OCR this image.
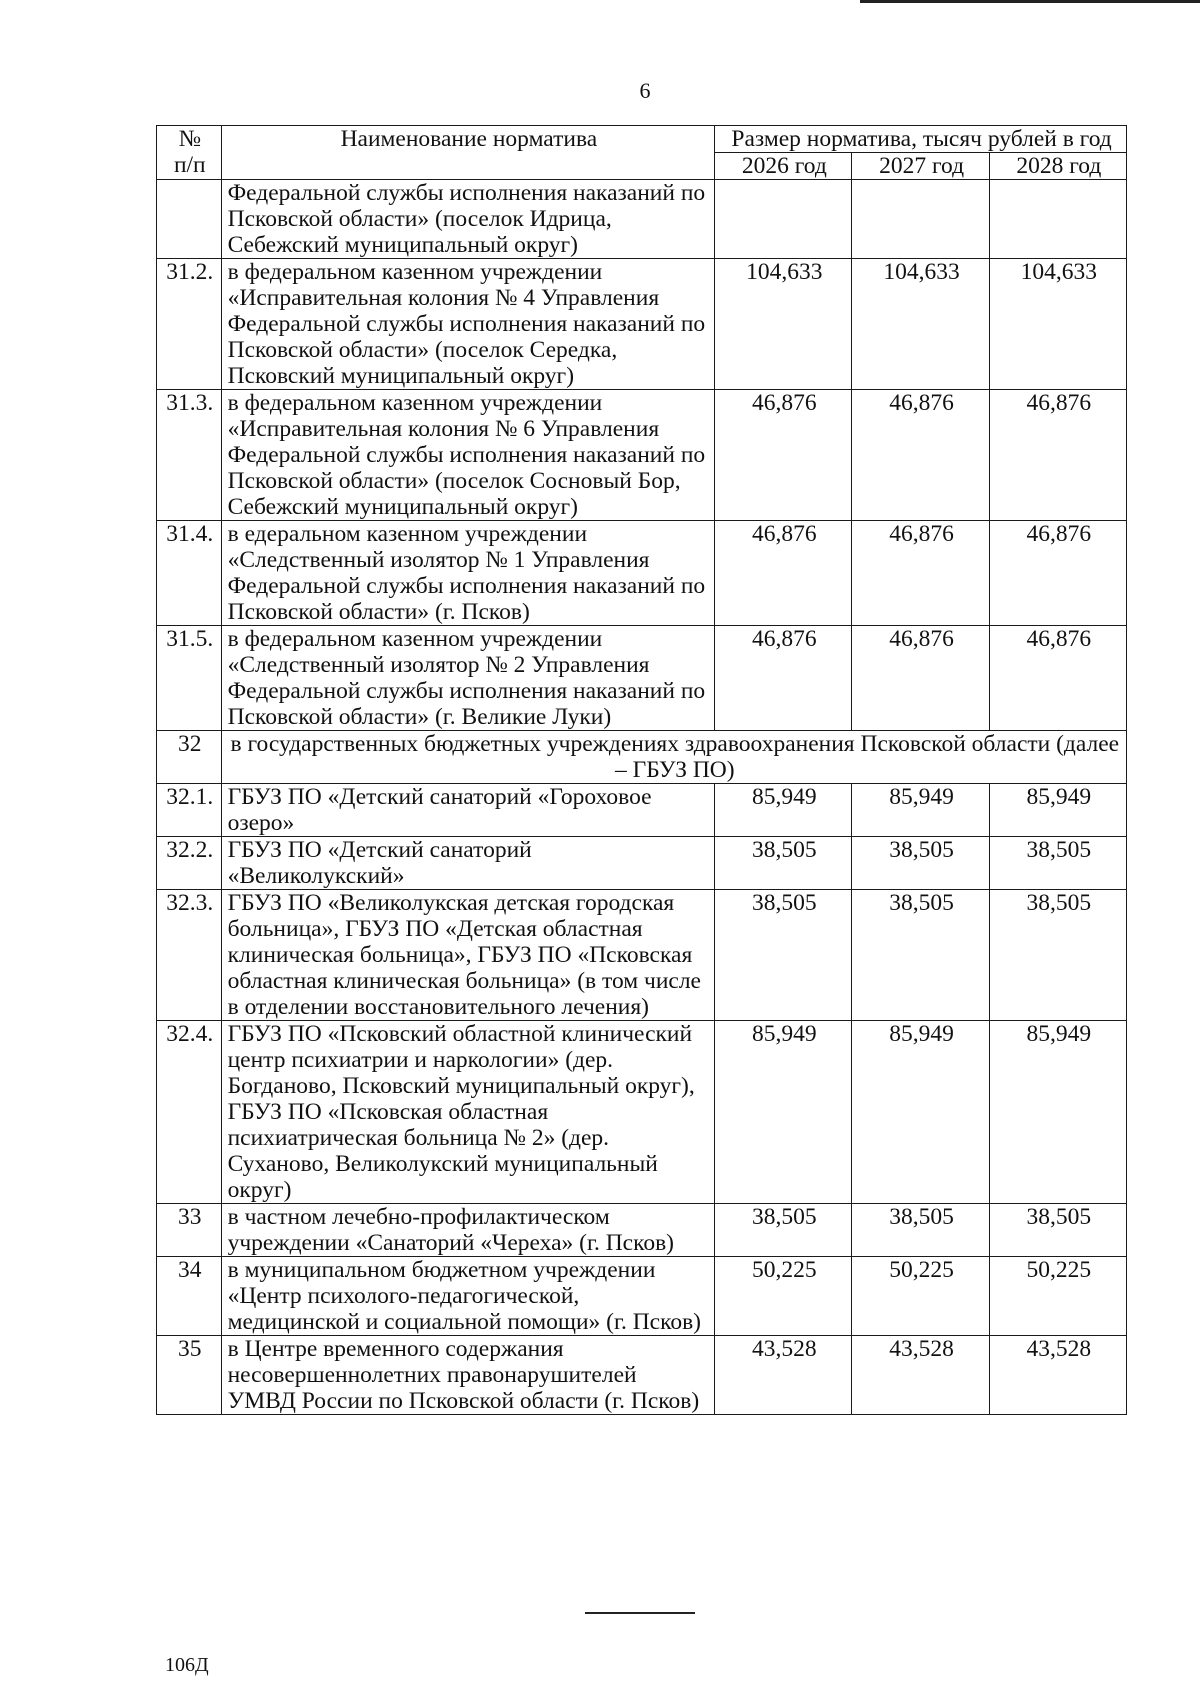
6
№
п/п	Наименование норматива	Размер норматива, тысяч рублей в год		
		2026 год	2027 год	2028 год
	Федеральной службы исполнения наказаний по Псковской области» (поселок Идрица, Себежский муниципальный округ)			
31.2.	в федеральном казенном учреждении «Исправительная колония № 4 Управления Федеральной службы исполнения наказаний по Псковской области» (поселок Середка, Псковский муниципальный округ)	104,633	104,633	104,633
31.3.	в федеральном казенном учреждении «Исправительная колония № 6 Управления Федеральной службы исполнения наказаний по Псковской области» (поселок Сосновый Бор, Себежский муниципальный округ)	46,876	46,876	46,876
31.4.	в едеральном казенном учреждении «Следственный изолятор № 1 Управления Федеральной службы исполнения наказаний по Псковской области» (г. Псков)	46,876	46,876	46,876
31.5.	в федеральном казенном учреждении «Следственный изолятор № 2 Управления Федеральной службы исполнения наказаний по Псковской области» (г. Великие Луки)	46,876	46,876	46,876
32	в государственных бюджетных учреждениях здравоохранения Псковской области (далее – ГБУЗ ПО)			
32.1.	ГБУЗ ПО «Детский санаторий «Гороховое озеро»	85,949	85,949	85,949
32.2.	ГБУЗ ПО «Детский санаторий «Великолукский»	38,505	38,505	38,505
32.3.	ГБУЗ ПО «Великолукская детская городская больница», ГБУЗ ПО «Детская областная клиническая больница», ГБУЗ ПО «Псковская областная клиническая больница» (в том числе в отделении восстановительного лечения)	38,505	38,505	38,505
32.4.	ГБУЗ ПО «Псковский областной клинический центр психиатрии и наркологии» (дер. Богданово, Псковский муниципальный округ), ГБУЗ ПО «Псковская областная психиатрическая больница № 2» (дер. Суханово, Великолукский муниципальный округ)	85,949	85,949	85,949
33	в частном лечебно-профилактическом учреждении «Санаторий «Череха» (г. Псков)	38,505	38,505	38,505
34	в муниципальном бюджетном учреждении «Центр психолого-педагогической, медицинской и социальной помощи» (г. Псков)	50,225	50,225	50,225
35	в Центре временного содержания несовершеннолетних правонарушителей УМВД России по Псковской области (г. Псков)	43,528	43,528	43,528
106Д
